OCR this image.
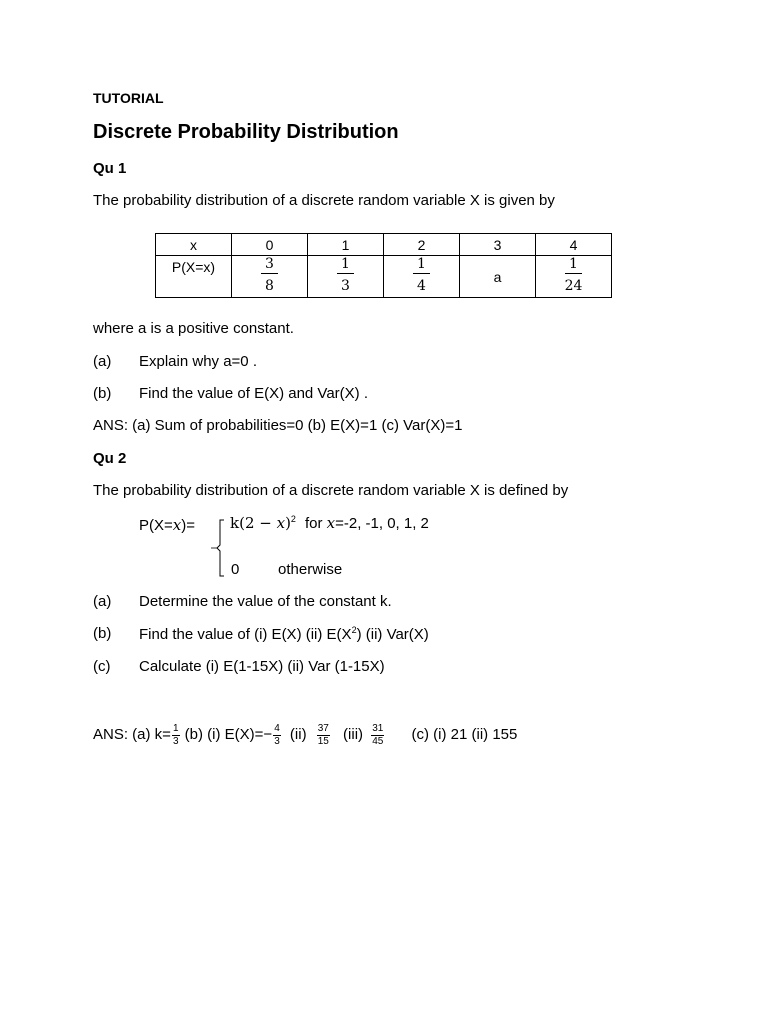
TUTORIAL
Discrete Probability Distribution
Qu 1
The probability distribution of a discrete random variable X is given by
x	0	1	2	3	4
P(X=x)	$\frac{3}{8}$	$\frac{1}{3}$	$\frac{1}{4}$	a	$\frac{1}{24}$
where a is a positive constant.
(a) Explain why a=0 .
(b) Find the value of E(X) and Var(X) .
ANS: (a) Sum of probabilities=0 (b) E(X)=1 (c) Var(X)=1
Qu 2
The probability distribution of a discrete random variable X is defined by
$P(X=x)= k(2 - x)^2$ for x=-2, -1, 0, 1, 2
0	otherwise
(a) Determine the value of the constant k.
(b) Find the value of (i) E(X) (ii) $E(X^2)$ (ii) Var(X)
(c) Calculate (i) E(1-15X) (ii) Var (1-15X)
ANS: (a) $k= \frac{1}{3} (b)$ (i) $E(X)=- \frac{4}{3} (ii) \frac{37}{15} (iii) \frac{31}{45} (c)$ (i) 21 (ii) 155
